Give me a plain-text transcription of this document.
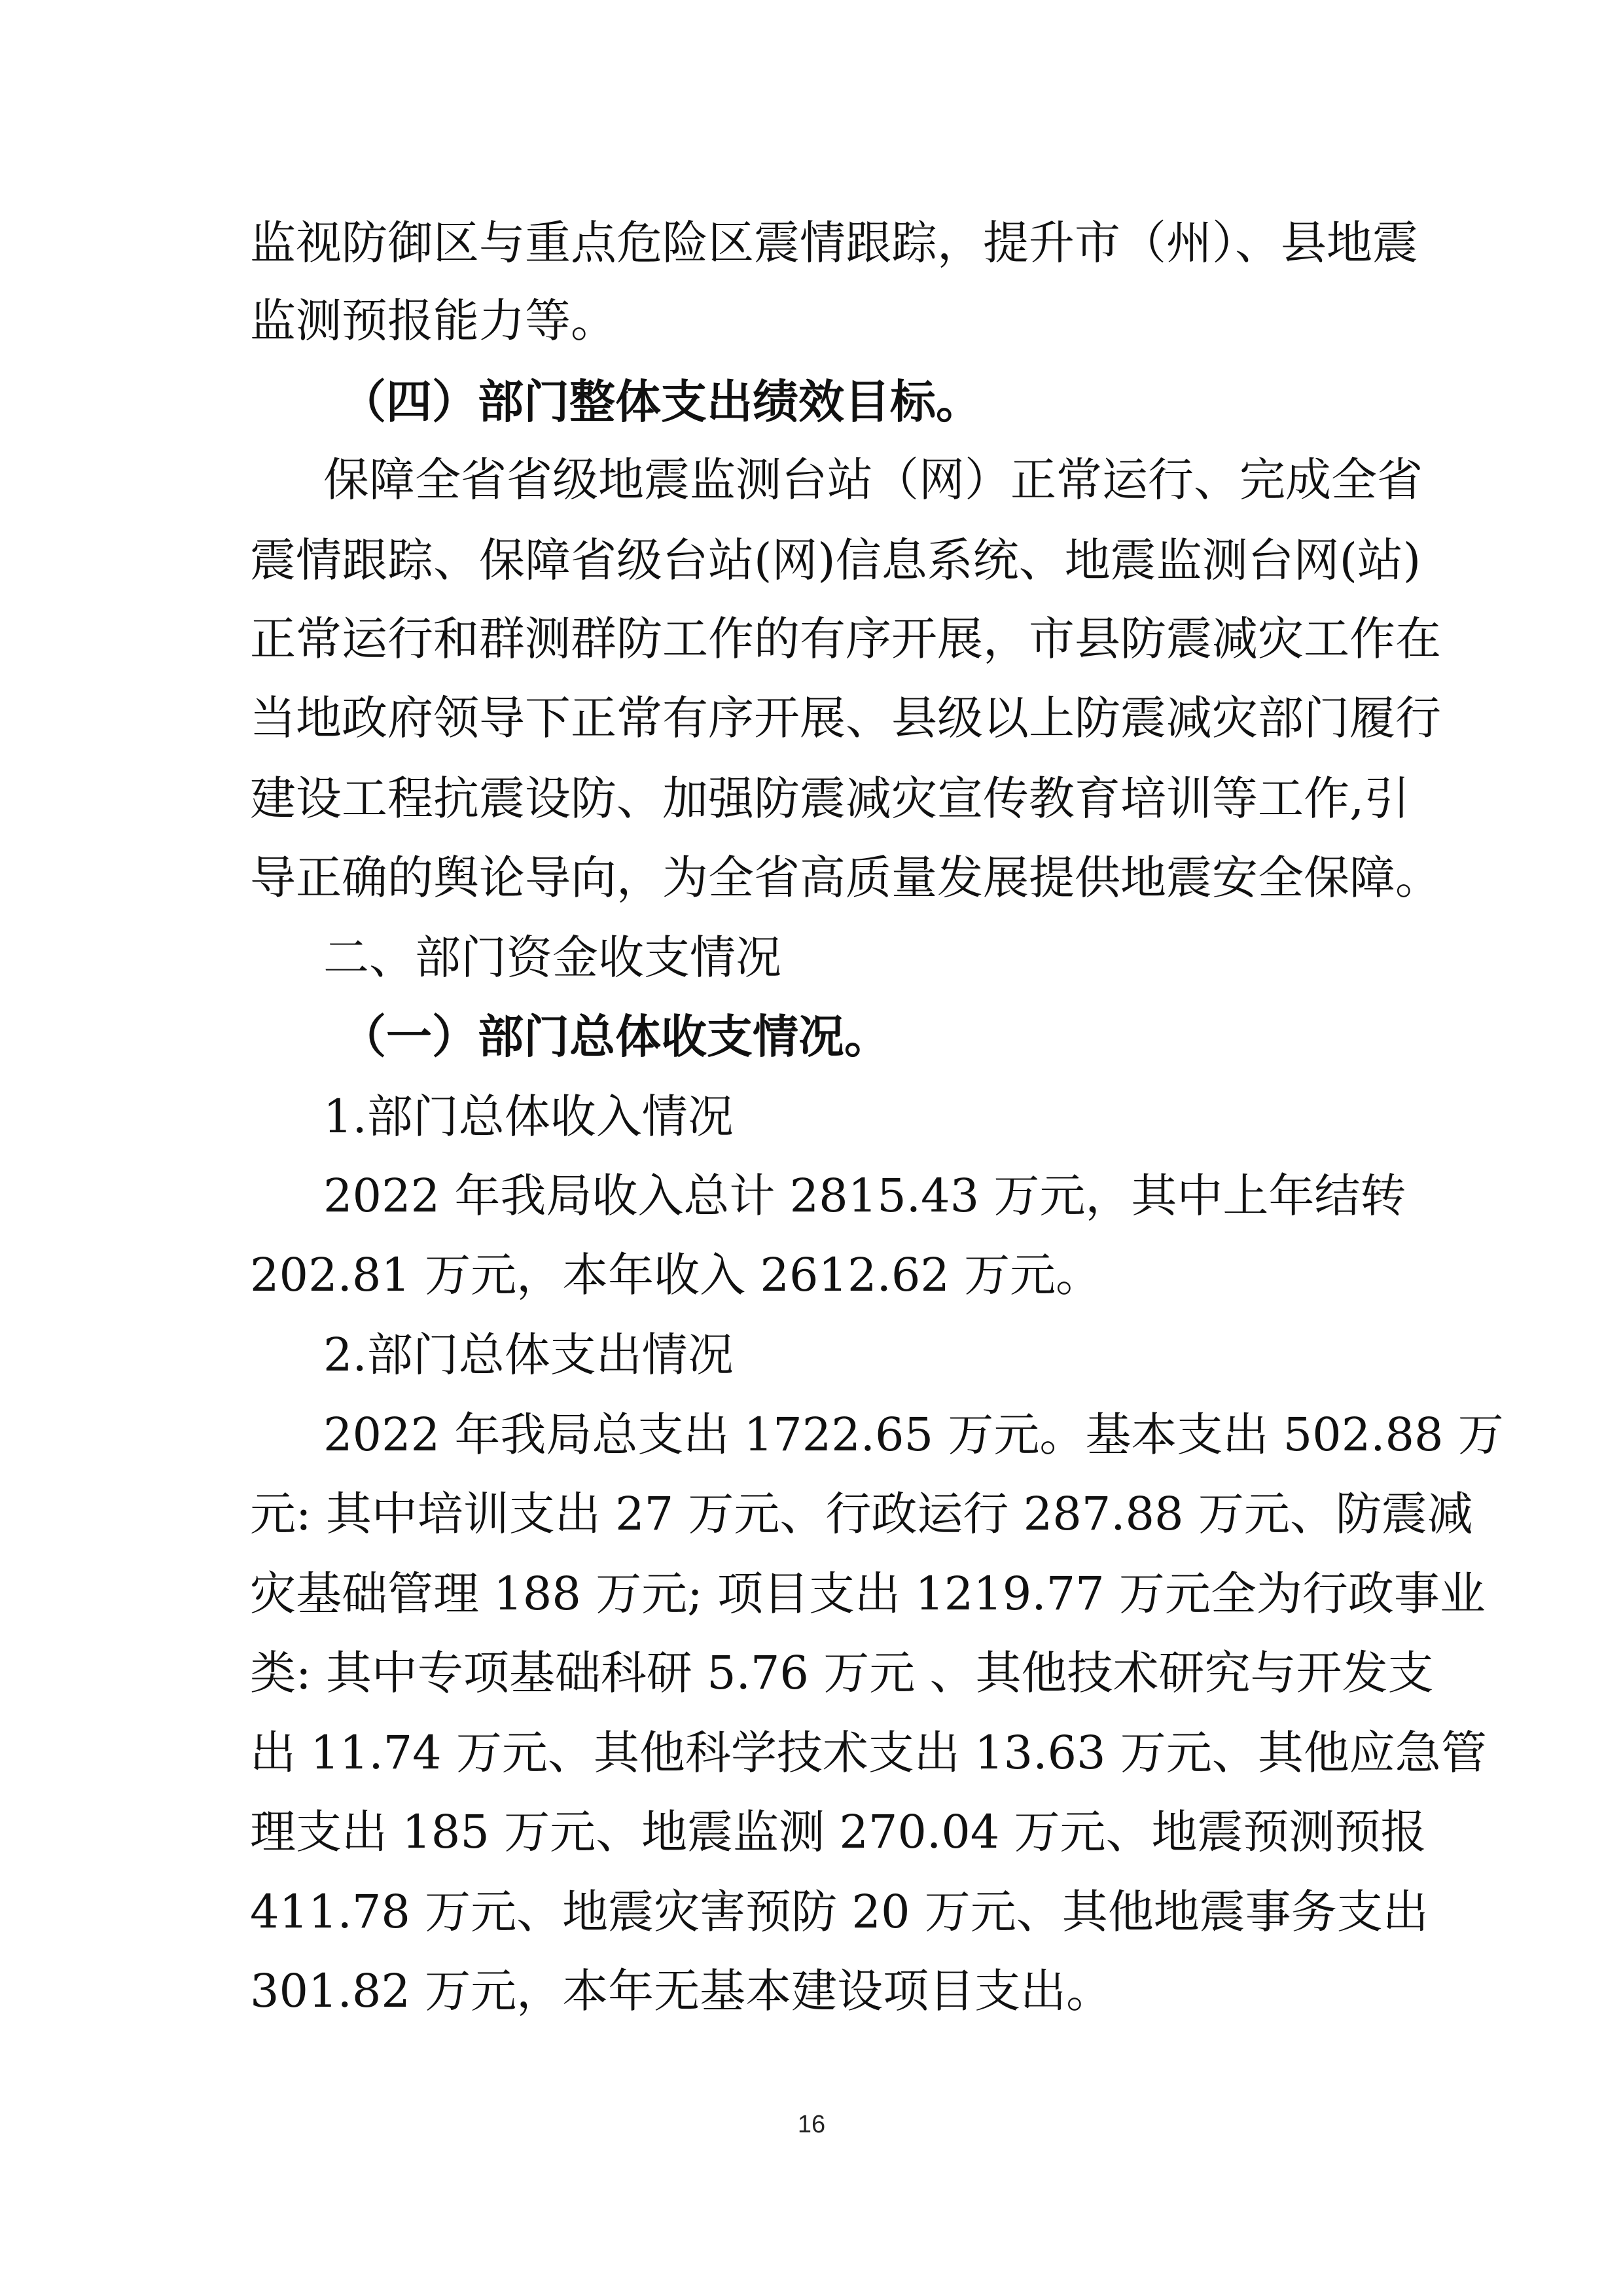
监视防御区与重点危险区震情跟踪，提升市（州）、县地震
监测预报能力等。
（四）部门整体支出绩效目标。
保障全省省级地震监测台站（网）正常运行、完成全省
震情跟踪、保障省级台站(网)信息系统、地震监测台网(站)
正常运行和群测群防工作的有序开展，市县防震减灾工作在
当地政府领导下正常有序开展、县级以上防震减灾部门履行
建设工程抗震设防、加强防震减灾宣传教育培训等工作,引
导正确的舆论导向，为全省高质量发展提供地震安全保障。
二、部门资金收支情况
（一）部门总体收支情况。
1.部门总体收入情况
2022 年我局收入总计 2815.43 万元，其中上年结转
202.81 万元，本年收入 2612.62 万元。
2.部门总体支出情况
2022 年我局总支出 1722.65 万元。基本支出 502.88 万
元: 其中培训支出 27 万元、行政运行 287.88 万元、防震减
灾基础管理 188 万元; 项目支出 1219.77 万元全为行政事业
类: 其中专项基础科研 5.76 万元 、其他技术研究与开发支
出 11.74 万元、其他科学技术支出 13.63 万元、其他应急管
理支出 185 万元、地震监测 270.04 万元、地震预测预报
411.78 万元、地震灾害预防 20 万元、其他地震事务支出
301.82 万元，本年无基本建设项目支出。
16
